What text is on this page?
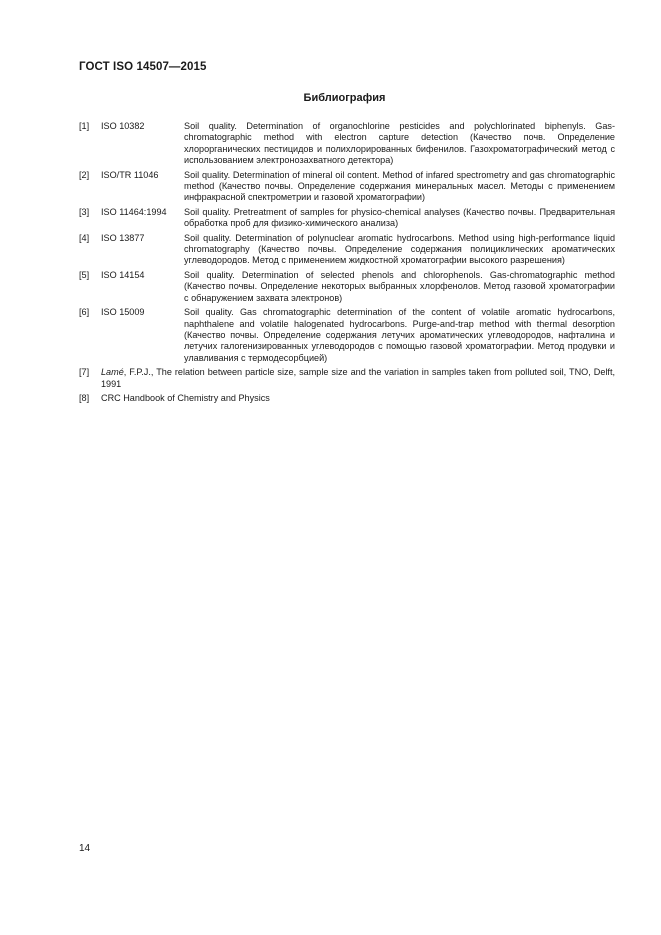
ГОСТ ISO 14507—2015
Библиография
[1] ISO 10382	Soil quality. Determination of organochlorine pesticides and polychlorinated biphenyls. Gas-chromatographic method with electron capture detection (Качество почв. Определение хлорорганических пестицидов и полихлорированных бифенилов. Газохроматографический метод с использованием электронозахватного детектора)
[2] ISO/TR 11046	Soil quality. Determination of mineral oil content. Method of infared spectrometry and gas chromatographic method (Качество почвы. Определение содержания минеральных масел. Методы с применением инфракрасной спектрометрии и газовой хроматографии)
[3] ISO 11464:1994 Soil quality. Pretreatment of samples for physico-chemical analyses (Качество почвы. Предварительная обработка проб для физико-химического анализа)
[4] ISO 13877	Soil quality. Determination of polynuclear aromatic hydrocarbons. Method using high-performance liquid chromatography (Качество почвы. Определение содержания полициклических ароматических углеводородов. Метод с применением жидкостной хроматографии высокого разрешения)
[5] ISO 14154	Soil quality. Determination of selected phenols and chlorophenols. Gas-chromatographic method (Качество почвы. Определение некоторых выбранных хлорфенолов. Метод газовой хроматографии с обнаружением захвата электронов)
[6] ISO 15009	Soil quality. Gas chromatographic determination of the content of volatile aromatic hydrocarbons, naphthalene and volatile halogenated hydrocarbons. Purge-and-trap method with thermal desorption (Качество почвы. Определение содержания летучих ароматических углеводородов, нафталина и летучих галогенизированных углеводородов с помощью газовой хроматографии. Метод продувки и улавливания с термодесорбцией)
[7] Lamé, F.P.J., The relation between particle size, sample size and the variation in samples taken from polluted soil, TNO, Delft, 1991
[8] CRC Handbook of Chemistry and Physics
14
